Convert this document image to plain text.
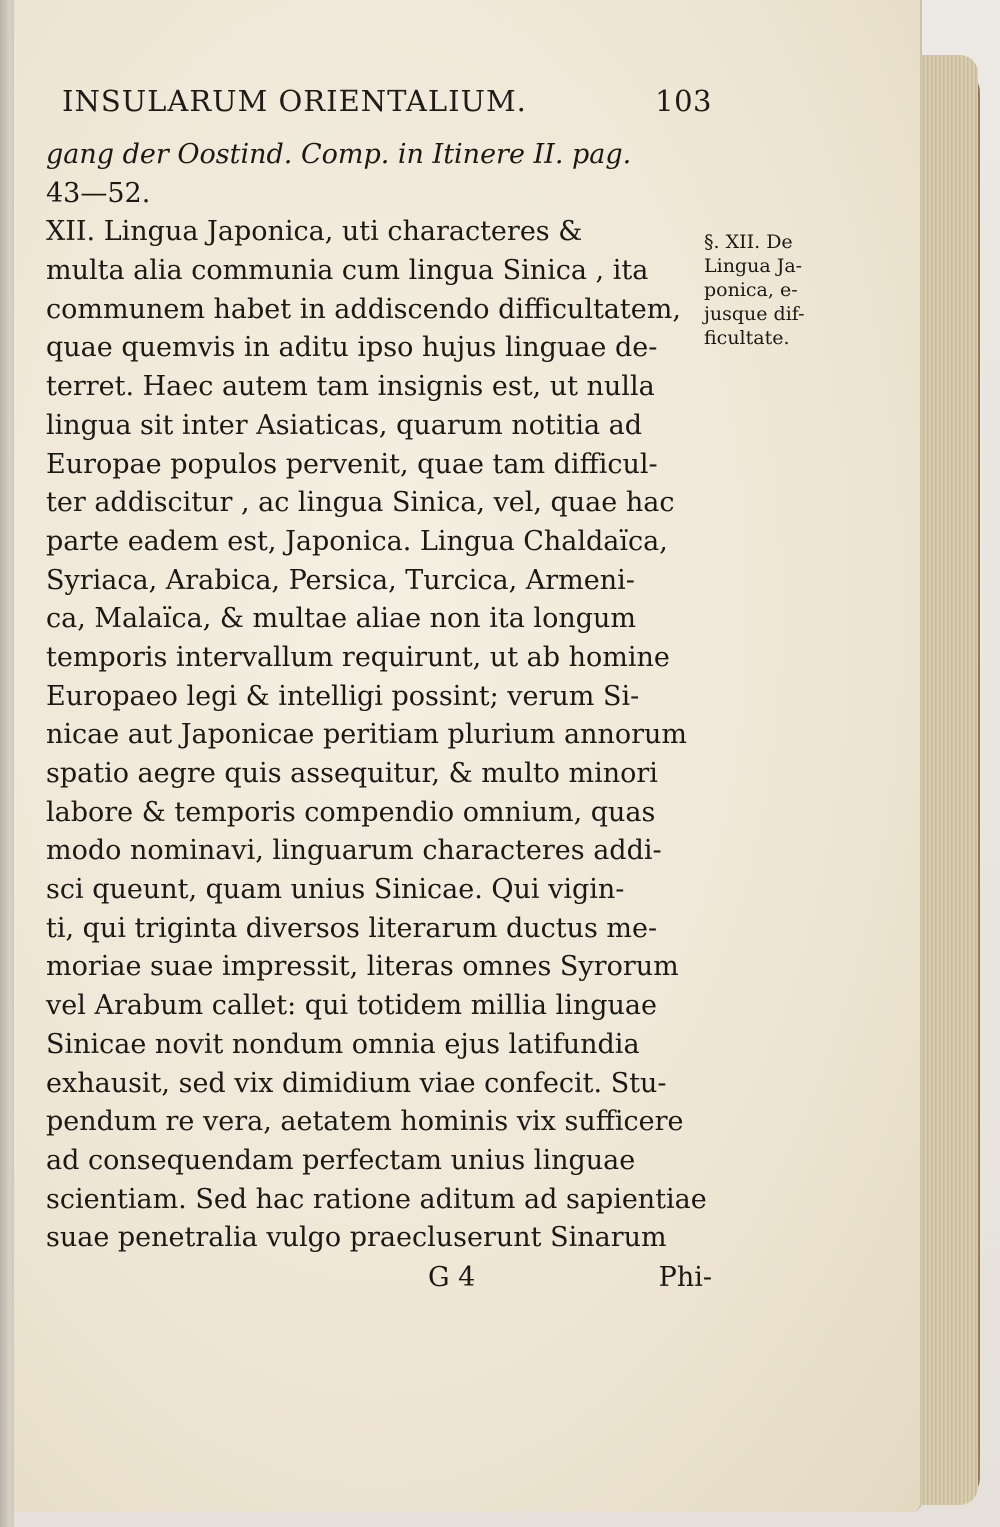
INSULARUM ORIENTALIUM.	103
gang der Oostind. Comp. in Itinere II. pag.
43—52.
XII. Lingua Japonica, uti characteres &
multa alia communia cum lingua Sinica , ita
communem habet in addiscendo difficultatem,
quae quemvis in aditu ipso hujus linguae de-
terret. Haec autem tam insignis est, ut nulla
lingua sit inter Asiaticas, quarum notitia ad
Europae populos pervenit, quae tam difficul-
ter addiscitur , ac lingua Sinica, vel, quae hac
parte eadem est, Japonica. Lingua Chaldaïca,
Syriaca, Arabica, Persica, Turcica, Armeni-
ca, Malaïca, & multae aliae non ita longum
temporis intervallum requirunt, ut ab homine
Europaeo legi & intelligi possint; verum Si-
nicae aut Japonicae peritiam plurium annorum
spatio aegre quis assequitur, & multo minori
labore & temporis compendio omnium, quas
modo nominavi, linguarum characteres addi-
sci queunt, quam unius Sinicae. Qui vigin-
ti, qui triginta diversos literarum ductus me-
moriae suae impressit, literas omnes Syrorum
vel Arabum callet: qui totidem millia linguae
Sinicae novit nondum omnia ejus latifundia
exhausit, sed vix dimidium viae confecit. Stu-
pendum re vera, aetatem hominis vix sufficere
ad consequendam perfectam unius linguae
scientiam. Sed hac ratione aditum ad sapientiae
suae penetralia vulgo praecluserunt Sinarum
§. XII. De
Lingua Ja-
ponica, e-
jusque dif-
ficultate.
G 4	Phi-
